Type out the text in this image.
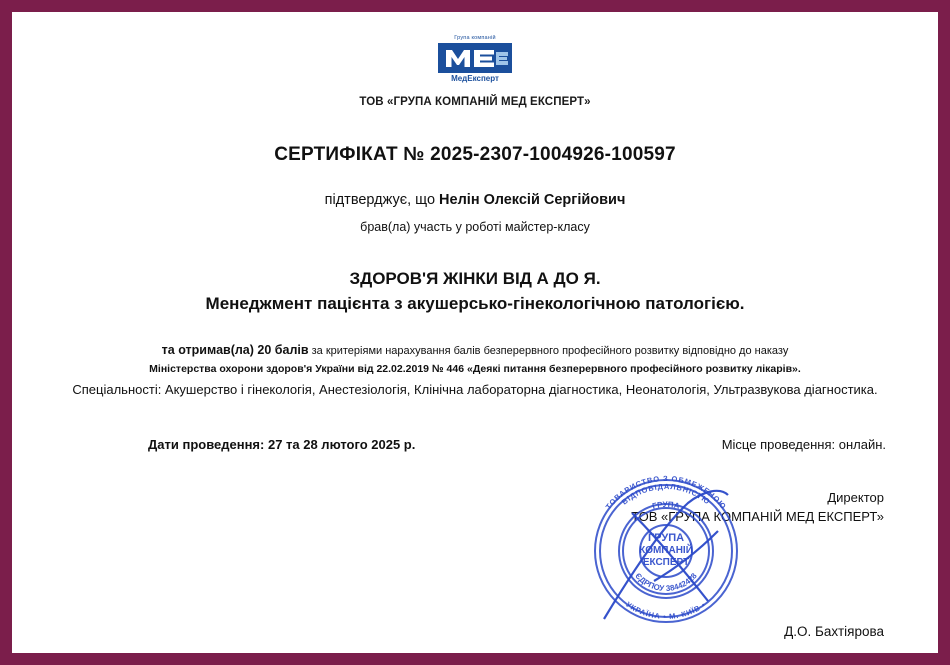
Група компаній
МедЕксперт
ТОВ «ГРУПА КОМПАНІЙ МЕД ЕКСПЕРТ»
СЕРТИФІКАТ № 2025-2307-1004926-100597
підтверджує, що Нелін Олексій Сергійович
брав(ла) участь у роботі майстер-класу
ЗДОРОВ'Я ЖІНКИ ВІД А ДО Я.
Менеджмент пацієнта з акушерсько-гінекологічною патологією.
та отримав(ла) 20 балів за критеріями нарахування балів безперервного професійного розвитку відповідно до наказу
Міністерства охорони здоров'я України від 22.02.2019 № 446 «Деякі питання безперервного професійного розвитку лікарів».
Спеціальності: Акушерство і гінекологія, Анестезіологія, Клінічна лабораторна діагностика, Неонатологія, Ультразвукова діагностика.
Дати проведення: 27 та 28 лютого 2025 р.	Місце проведення: онлайн.
Директор
ТОВ «ГРУПА КОМПАНІЙ МЕД ЕКСПЕРТ»
ТОВАРИСТВО З ОБМЕЖЕНОЮ
ВІДПОВІДАЛЬНІСТЮ
УКРАЇНА • М. КИЇВ •
ГРУПА
ЄДРПОУ 38442428
ГРУПА
КОМПАНІЙ
ЕКСПЕРТ
Д.О. Бахтіярова
